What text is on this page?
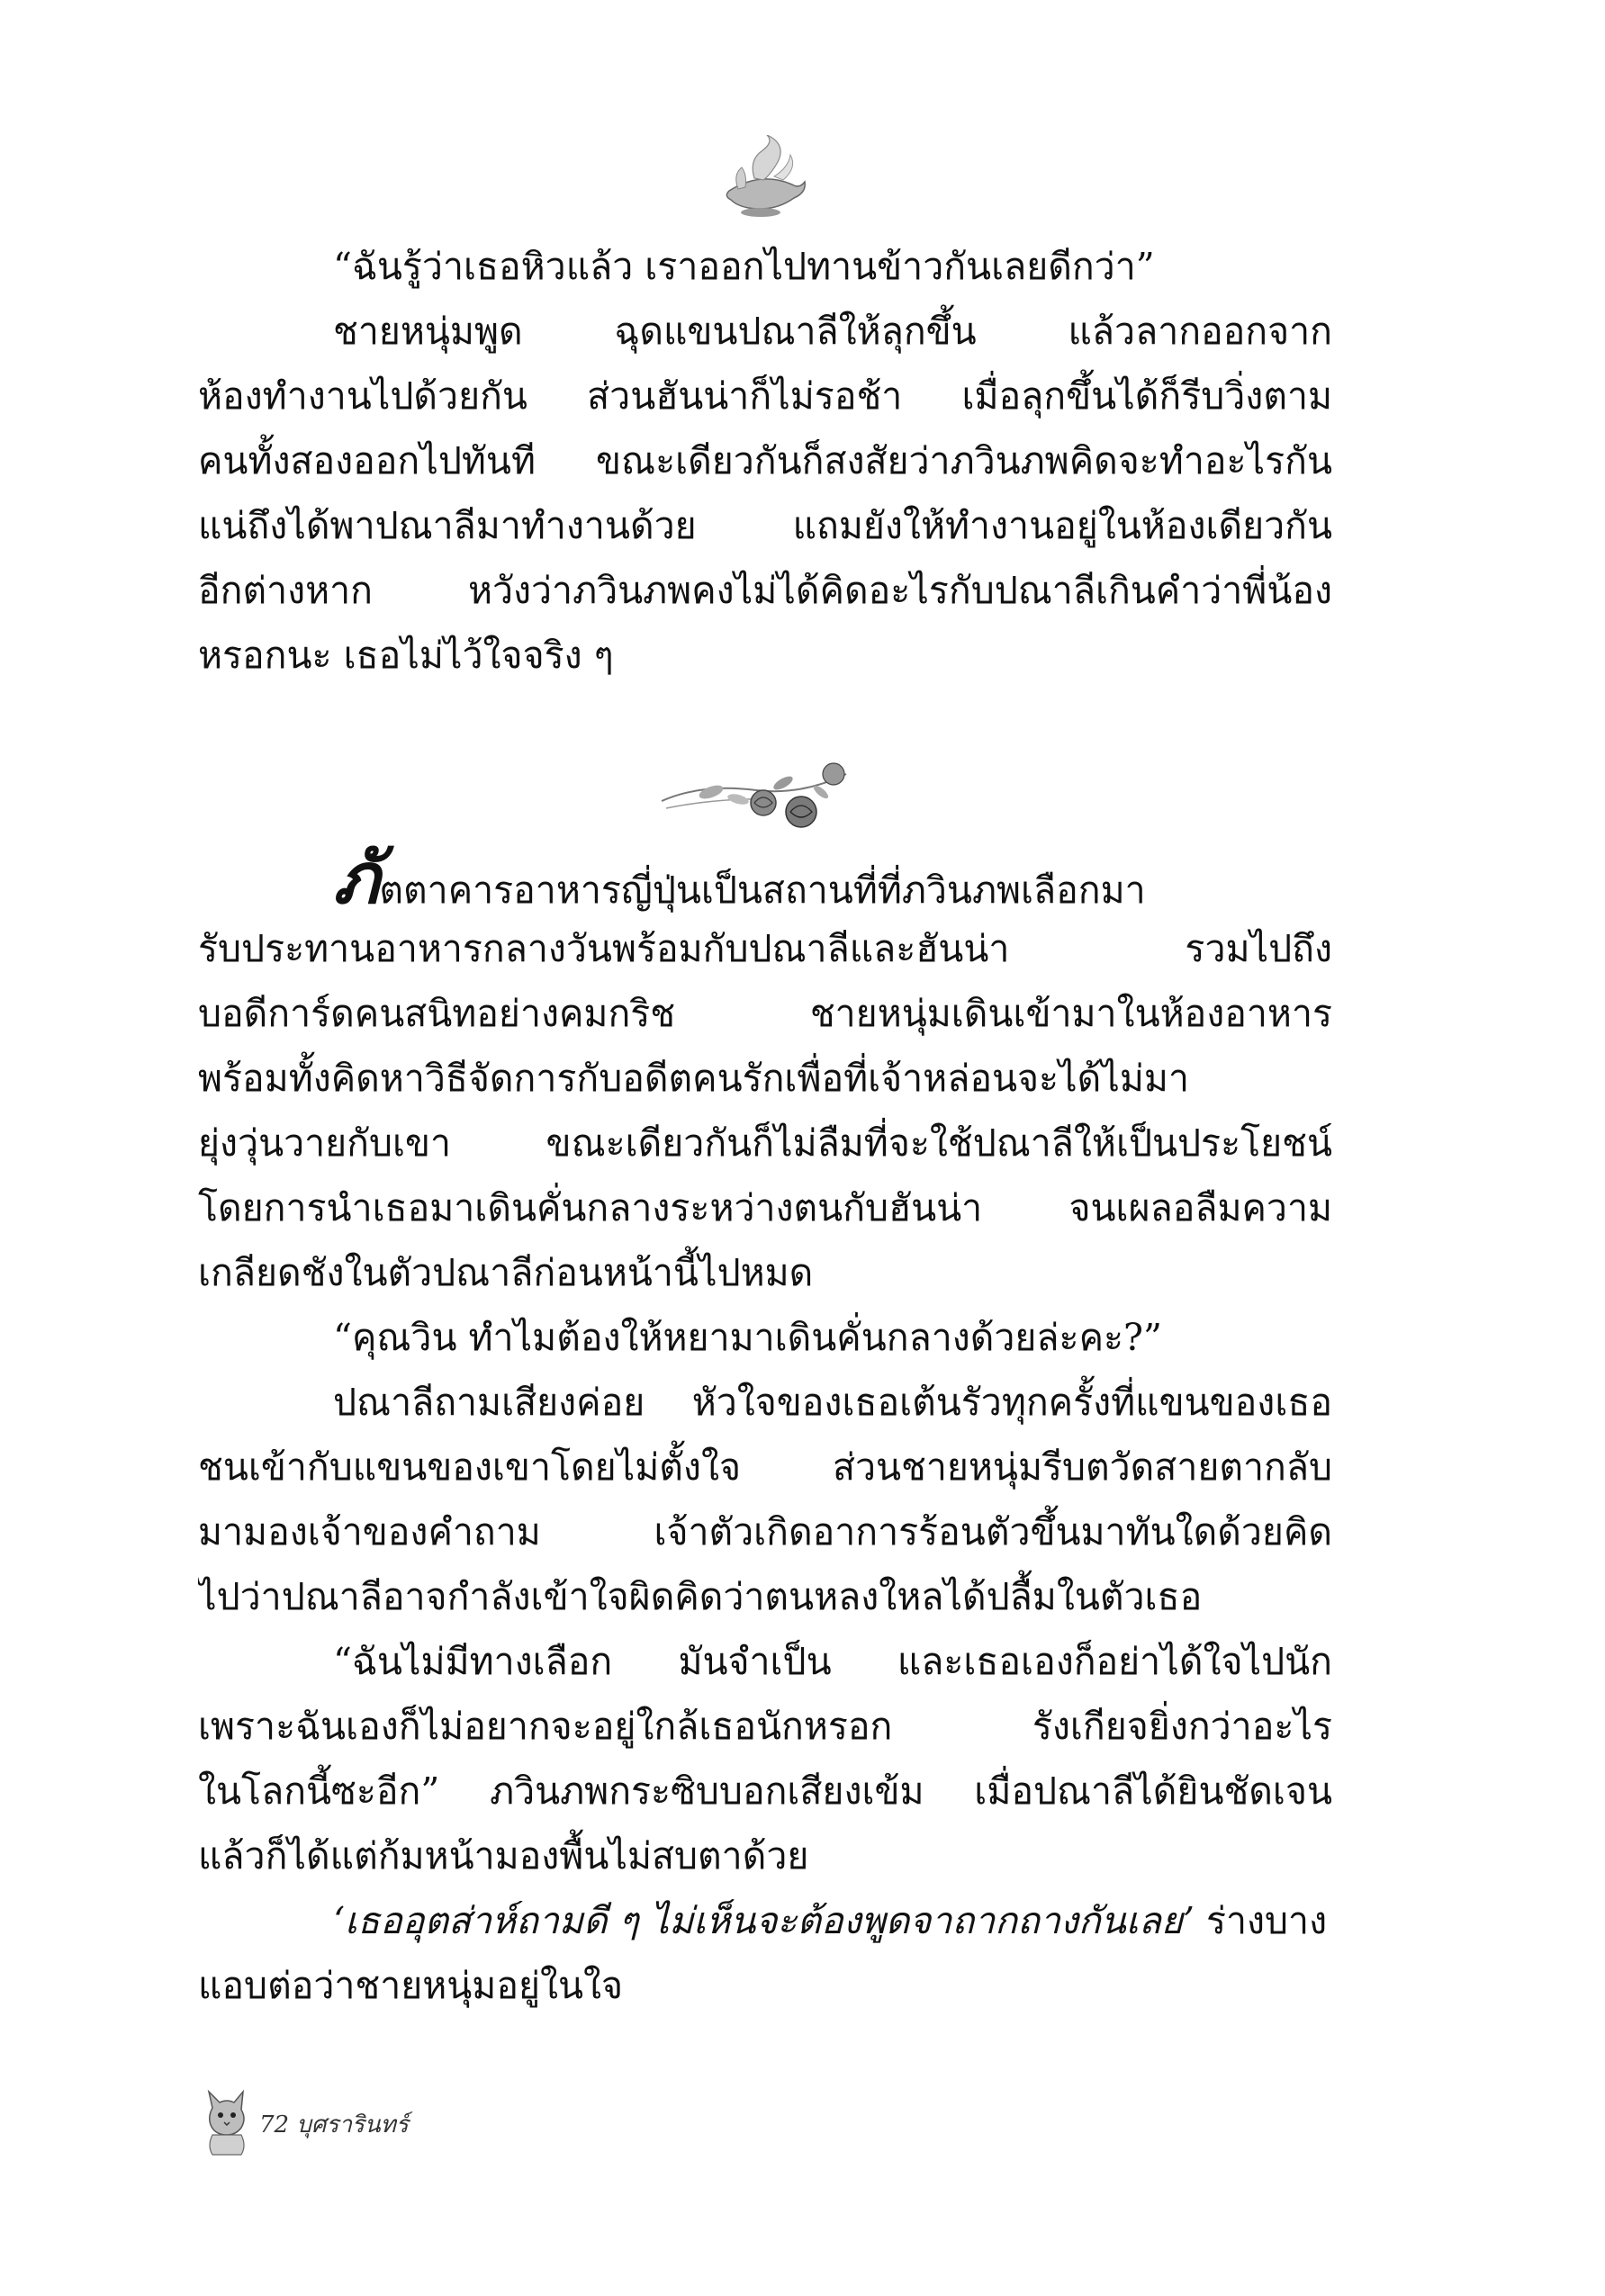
“ฉันรู้ว่าเธอหิวแล้ว เราออกไปทานข้าวกันเลยดีกว่า”
ชายหนุ่มพูด ฉุดแขนปณาลีให้ลุกขึ้น แล้วลากออกจาก
ห้องทำงานไปด้วยกัน ส่วนฮันน่าก็ไม่รอช้า เมื่อลุกขึ้นได้ก็รีบวิ่งตาม
คนทั้งสองออกไปทันที ขณะเดียวกันก็สงสัยว่าภวินภพคิดจะทำอะไรกัน
แน่ถึงได้พาปณาลีมาทำงานด้วย แถมยังให้ทำงานอยู่ในห้องเดียวกัน
อีกต่างหาก หวังว่าภวินภพคงไม่ได้คิดอะไรกับปณาลีเกินคำว่าพี่น้อง
หรอกนะ เธอไม่ไว้ใจจริง ๆ
ภัตตาคารอาหารญี่ปุ่นเป็นสถานที่ที่ภวินภพเลือกมา
รับประทานอาหารกลางวันพร้อมกับปณาลีและฮันน่า รวมไปถึง
บอดีการ์ดคนสนิทอย่างคมกริช ชายหนุ่มเดินเข้ามาในห้องอาหาร
พร้อมทั้งคิดหาวิธีจัดการกับอดีตคนรักเพื่อที่เจ้าหล่อนจะได้ไม่มา
ยุ่งวุ่นวายกับเขา ขณะเดียวกันก็ไม่ลืมที่จะใช้ปณาลีให้เป็นประโยชน์
โดยการนำเธอมาเดินคั่นกลางระหว่างตนกับฮันน่า จนเผลอลืมความ
เกลียดชังในตัวปณาลีก่อนหน้านี้ไปหมด
“คุณวิน ทำไมต้องให้หยามาเดินคั่นกลางด้วยล่ะคะ?”
ปณาลีถามเสียงค่อย หัวใจของเธอเต้นรัวทุกครั้งที่แขนของเธอ
ชนเข้ากับแขนของเขาโดยไม่ตั้งใจ ส่วนชายหนุ่มรีบตวัดสายตากลับ
มามองเจ้าของคำถาม เจ้าตัวเกิดอาการร้อนตัวขึ้นมาทันใดด้วยคิด
ไปว่าปณาลีอาจกำลังเข้าใจผิดคิดว่าตนหลงใหลได้ปลื้มในตัวเธอ
“ฉันไม่มีทางเลือก มันจำเป็น และเธอเองก็อย่าได้ใจไปนัก
เพราะฉันเองก็ไม่อยากจะอยู่ใกล้เธอนักหรอก รังเกียจยิ่งกว่าอะไร
ในโลกนี้ซะอีก” ภวินภพกระซิบบอกเสียงเข้ม เมื่อปณาลีได้ยินชัดเจน
แล้วก็ได้แต่ก้มหน้ามองพื้นไม่สบตาด้วย
‘เธออุตส่าห์ถามดี ๆ ไม่เห็นจะต้องพูดจาถากถางกันเลย’ ร่างบาง
แอบต่อว่าชายหนุ่มอยู่ในใจ
72 บุศรารินทร์
